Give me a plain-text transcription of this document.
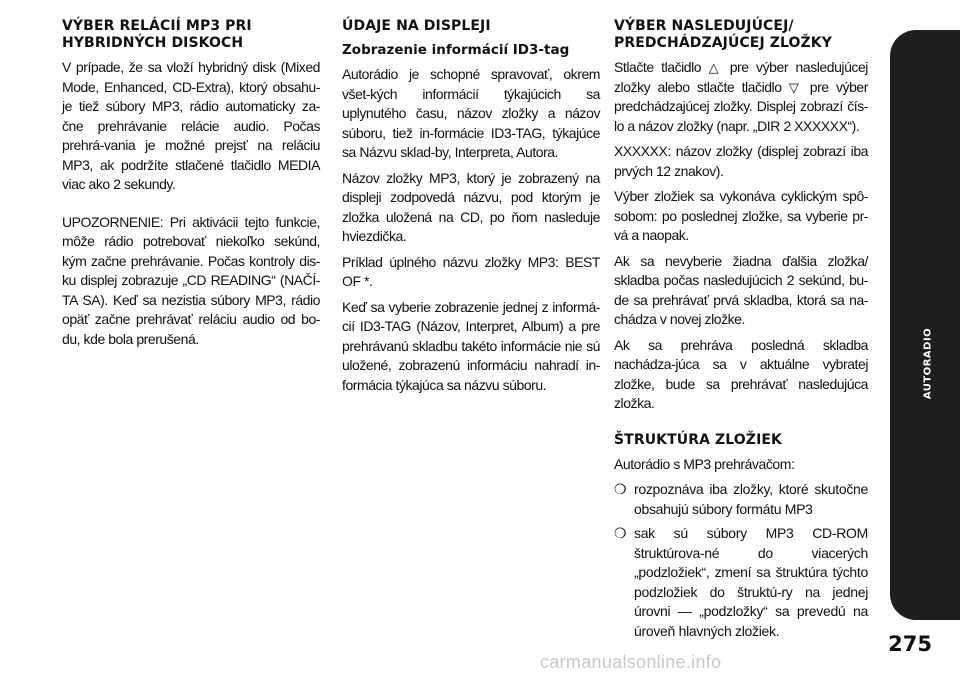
VÝBER RELÁCIÍ MP3 PRI HYBRIDNÝCH DISKOCH

V prípade, že sa vloží hybridný disk (Mixed Mode, Enhanced, CD-Extra), ktorý obsahu-je tiež súbory MP3, rádio automaticky za-čne prehrávanie relácie audio. Počas prehrá-vania je možné prejsť na reláciu MP3, ak podržíte stlačené tlačidlo MEDIA viac ako 2 sekundy.

UPOZORNENIE: Pri aktivácii tejto funkcie, môže rádio potrebovať niekoľko sekúnd, kým začne prehrávanie. Počas kontroly dis-ku displej zobrazuje „CD READING“ (NAČÍ-TA SA). Keď sa nezistia súbory MP3, rádio opäť začne prehrávať reláciu audio od bo-du, kde bola prerušená.

ÚDAJE NA DISPLEJI
Zobrazenie informácií ID3-tag

Autorádio je schopné spravovať, okrem všet-kých informácií týkajúcich sa uplynutého času, názov zložky a názov súboru, tiež in-formácie ID3-TAG, týkajúce sa Názvu sklad-by, Interpreta, Autora.

Názov zložky MP3, ktorý je zobrazený na displeji zodpovedá názvu, pod ktorým je zložka uložená na CD, po ňom nasleduje hviezdička.

Príklad úplného názvu zložky MP3: BEST OF *.

Keď sa vyberie zobrazenie jednej z informá-cií ID3-TAG (Názov, Interpret, Album) a pre prehrávanú skladbu takéto informácie nie sú uložené, zobrazenú informáciu nahradí in-formácia týkajúca sa názvu súboru.

VÝBER NASLEDUJÚCEJ/ PREDCHÁDZAJÚCEJ ZLOŽKY

Stlačte tlačidlo △ pre výber nasledujúcej zložky alebo stlačte tlačidlo ▽ pre výber predchádzajúcej zložky. Displej zobrazí čís-lo a názov zložky (napr. „DIR 2 XXXXXX“).

XXXXXX: názov zložky (displej zobrazí iba prvých 12 znakov).

Výber zložiek sa vykonáva cyklickým spô-sobom: po poslednej zložke, sa vyberie pr-vá a naopak.

Ak sa nevyberie žiadna ďalšia zložka/ skladba počas nasledujúcich 2 sekúnd, bu-de sa prehrávať prvá skladba, ktorá sa na-chádza v novej zložke.

Ak sa prehráva posledná skladba nachádza-júca sa v aktuálne vybratej zložke, bude sa prehrávať nasledujúca zložka.

ŠTRUKTÚRA ZLOŽIEK

Autorádio s MP3 prehrávačom:

❍ rozpoznáva iba zložky, ktoré skutočne obsahujú súbory formátu MP3
❍ sak sú súbory MP3 CD-ROM štruktúrova-né do viacerých „podzložiek“, zmení sa štruktúra týchto podzložiek do štruktú-ry na jednej úrovni — „podzložky“ sa prevedú na úroveň hlavných zložiek.
AUTORADIO
275
carmanualsonline.info
